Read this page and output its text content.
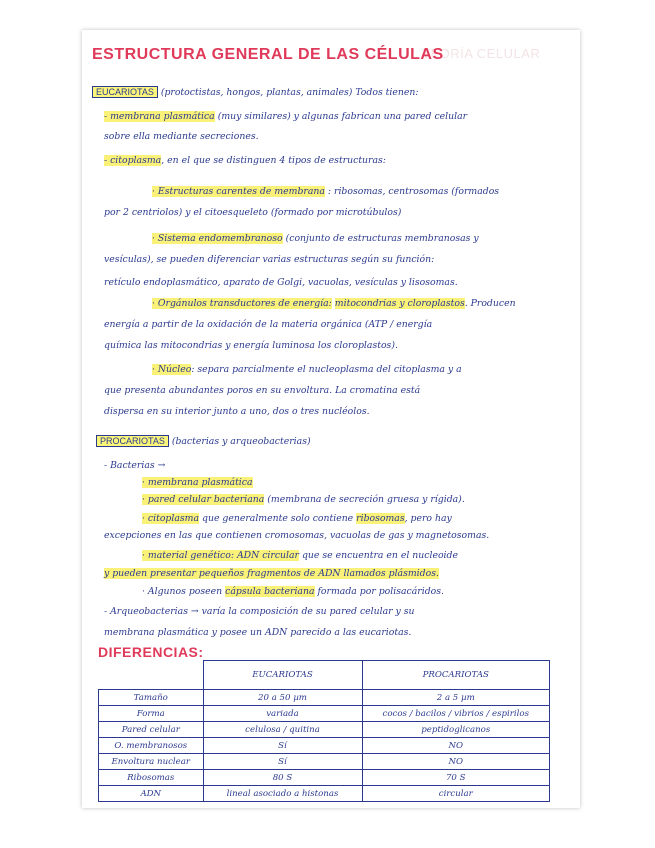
TEORÍA CELULAR
ESTRUCTURA GENERAL DE LAS CÉLULAS
EUCARIOTAS (protoctistas, hongos, plantas, animales) Todos tienen:
- membrana plasmática (muy similares) y algunas fabrican una pared celular
sobre ella mediante secreciones.
- citoplasma, en el que se distinguen 4 tipos de estructuras:
· Estructuras carentes de membrana : ribosomas, centrosomas (formados
por 2 centriolos) y el citoesqueleto (formado por microtúbulos)
· Sistema endomembranoso (conjunto de estructuras membranosas y
vesículas), se pueden diferenciar varias estructuras según su función:
retículo endoplasmático, aparato de Golgi, vacuolas, vesículas y lisosomas.
· Orgánulos transductores de energía: mitocondrias y cloroplastos. Producen
energía a partir de la oxidación de la materia orgánica (ATP / energía
química las mitocondrias y energía luminosa los cloroplastos).
· Núcleo: separa parcialmente el nucleoplasma del citoplasma y a
que presenta abundantes poros en su envoltura. La cromatina está
dispersa en su interior junto a uno, dos o tres nucléolos.
PROCARIOTAS (bacterias y arqueobacterias)
- Bacterias →
· membrana plasmática
· pared celular bacteriana (membrana de secreción gruesa y rígida).
· citoplasma que generalmente solo contiene ribosomas, pero hay
excepciones en las que contienen cromosomas, vacuolas de gas y magnetosomas.
· material genético: ADN circular que se encuentra en el nucleoide
y pueden presentar pequeños fragmentos de ADN llamados plásmidos.
· Algunos poseen cápsula bacteriana formada por polisacáridos.
- Arqueobacterias → varía la composición de su pared celular y su
membrana plasmática y posee un ADN parecido a las eucariotas.
DIFERENCIAS:
	EUCARIOTAS	PROCARIOTAS
Tamaño	20 a 50 µm	2 a 5 µm
Forma	variada	cocos / bacilos / vibrios / espirilos
Pared celular	celulosa / quitina	peptidoglicanos
O. membranosos	Sí	NO
Envoltura nuclear	Sí	NO
Ribosomas	80 S	70 S
ADN	lineal asociado a histonas	circular
